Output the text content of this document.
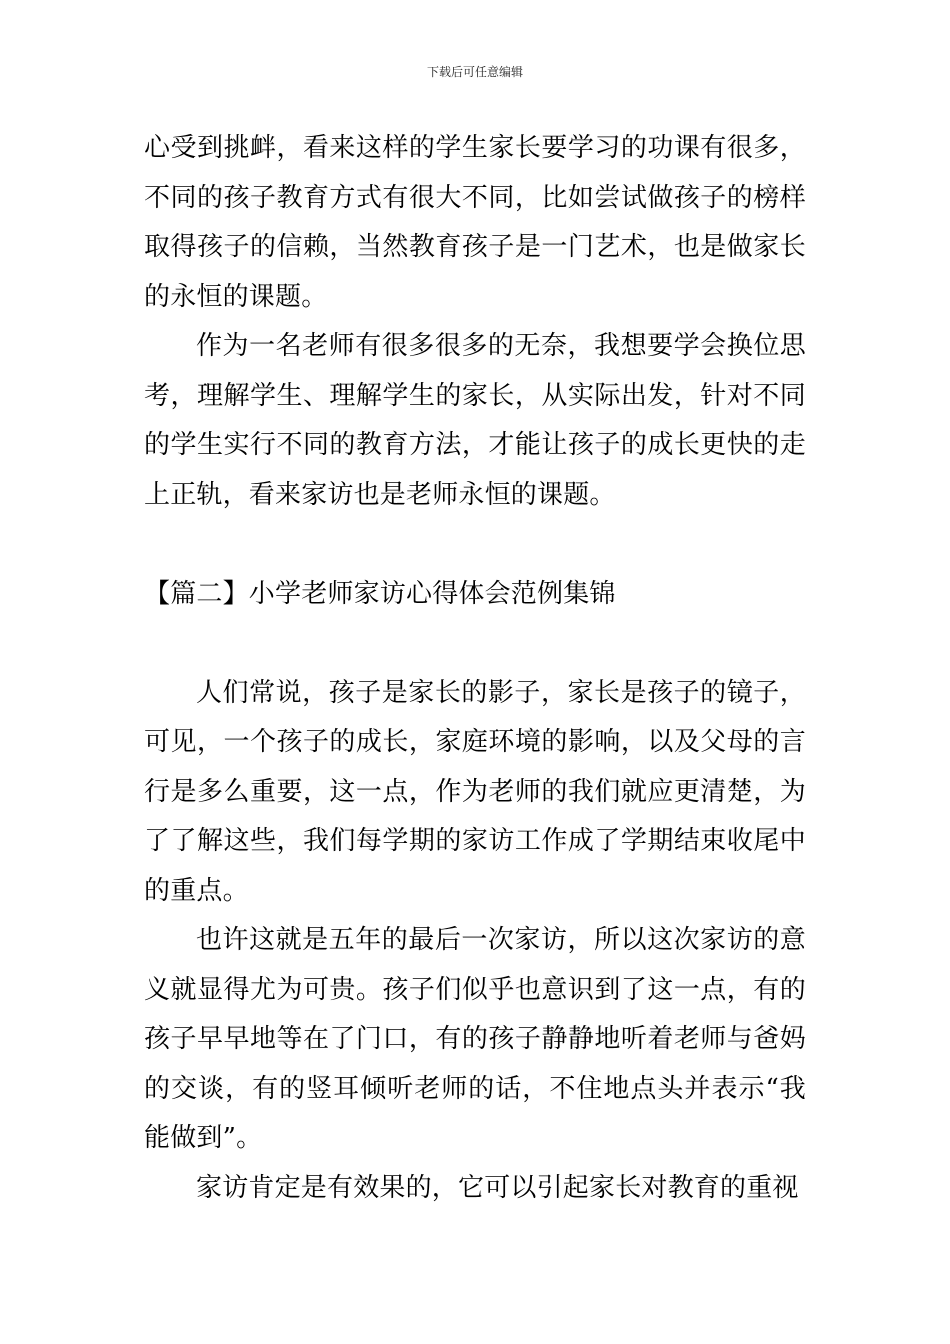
下载后可任意编辑

心受到挑衅，看来这样的学生家长要学习的功课有很多，不同的孩子教育方式有很大不同，比如尝试做孩子的榜样取得孩子的信赖，当然教育孩子是一门艺术，也是做家长的永恒的课题。

作为一名老师有很多很多的无奈，我想要学会换位思考，理解学生、理解学生的家长，从实际出发，针对不同的学生实行不同的教育方法，才能让孩子的成长更快的走上正轨，看来家访也是老师永恒的课题。

【篇二】小学老师家访心得体会范例集锦

人们常说，孩子是家长的影子，家长是孩子的镜子，可见，一个孩子的成长，家庭环境的影响，以及父母的言行是多么重要，这一点，作为老师的我们就应更清楚，为了了解这些，我们每学期的家访工作成了学期结束收尾中的重点。

也许这就是五年的最后一次家访，所以这次家访的意义就显得尤为可贵。孩子们似乎也意识到了这一点，有的孩子早早地等在了门口，有的孩子静静地听着老师与爸妈的交谈，有的竖耳倾听老师的话，不住地点头并表示“我能做到”。

家访肯定是有效果的，它可以引起家长对教育的重视
